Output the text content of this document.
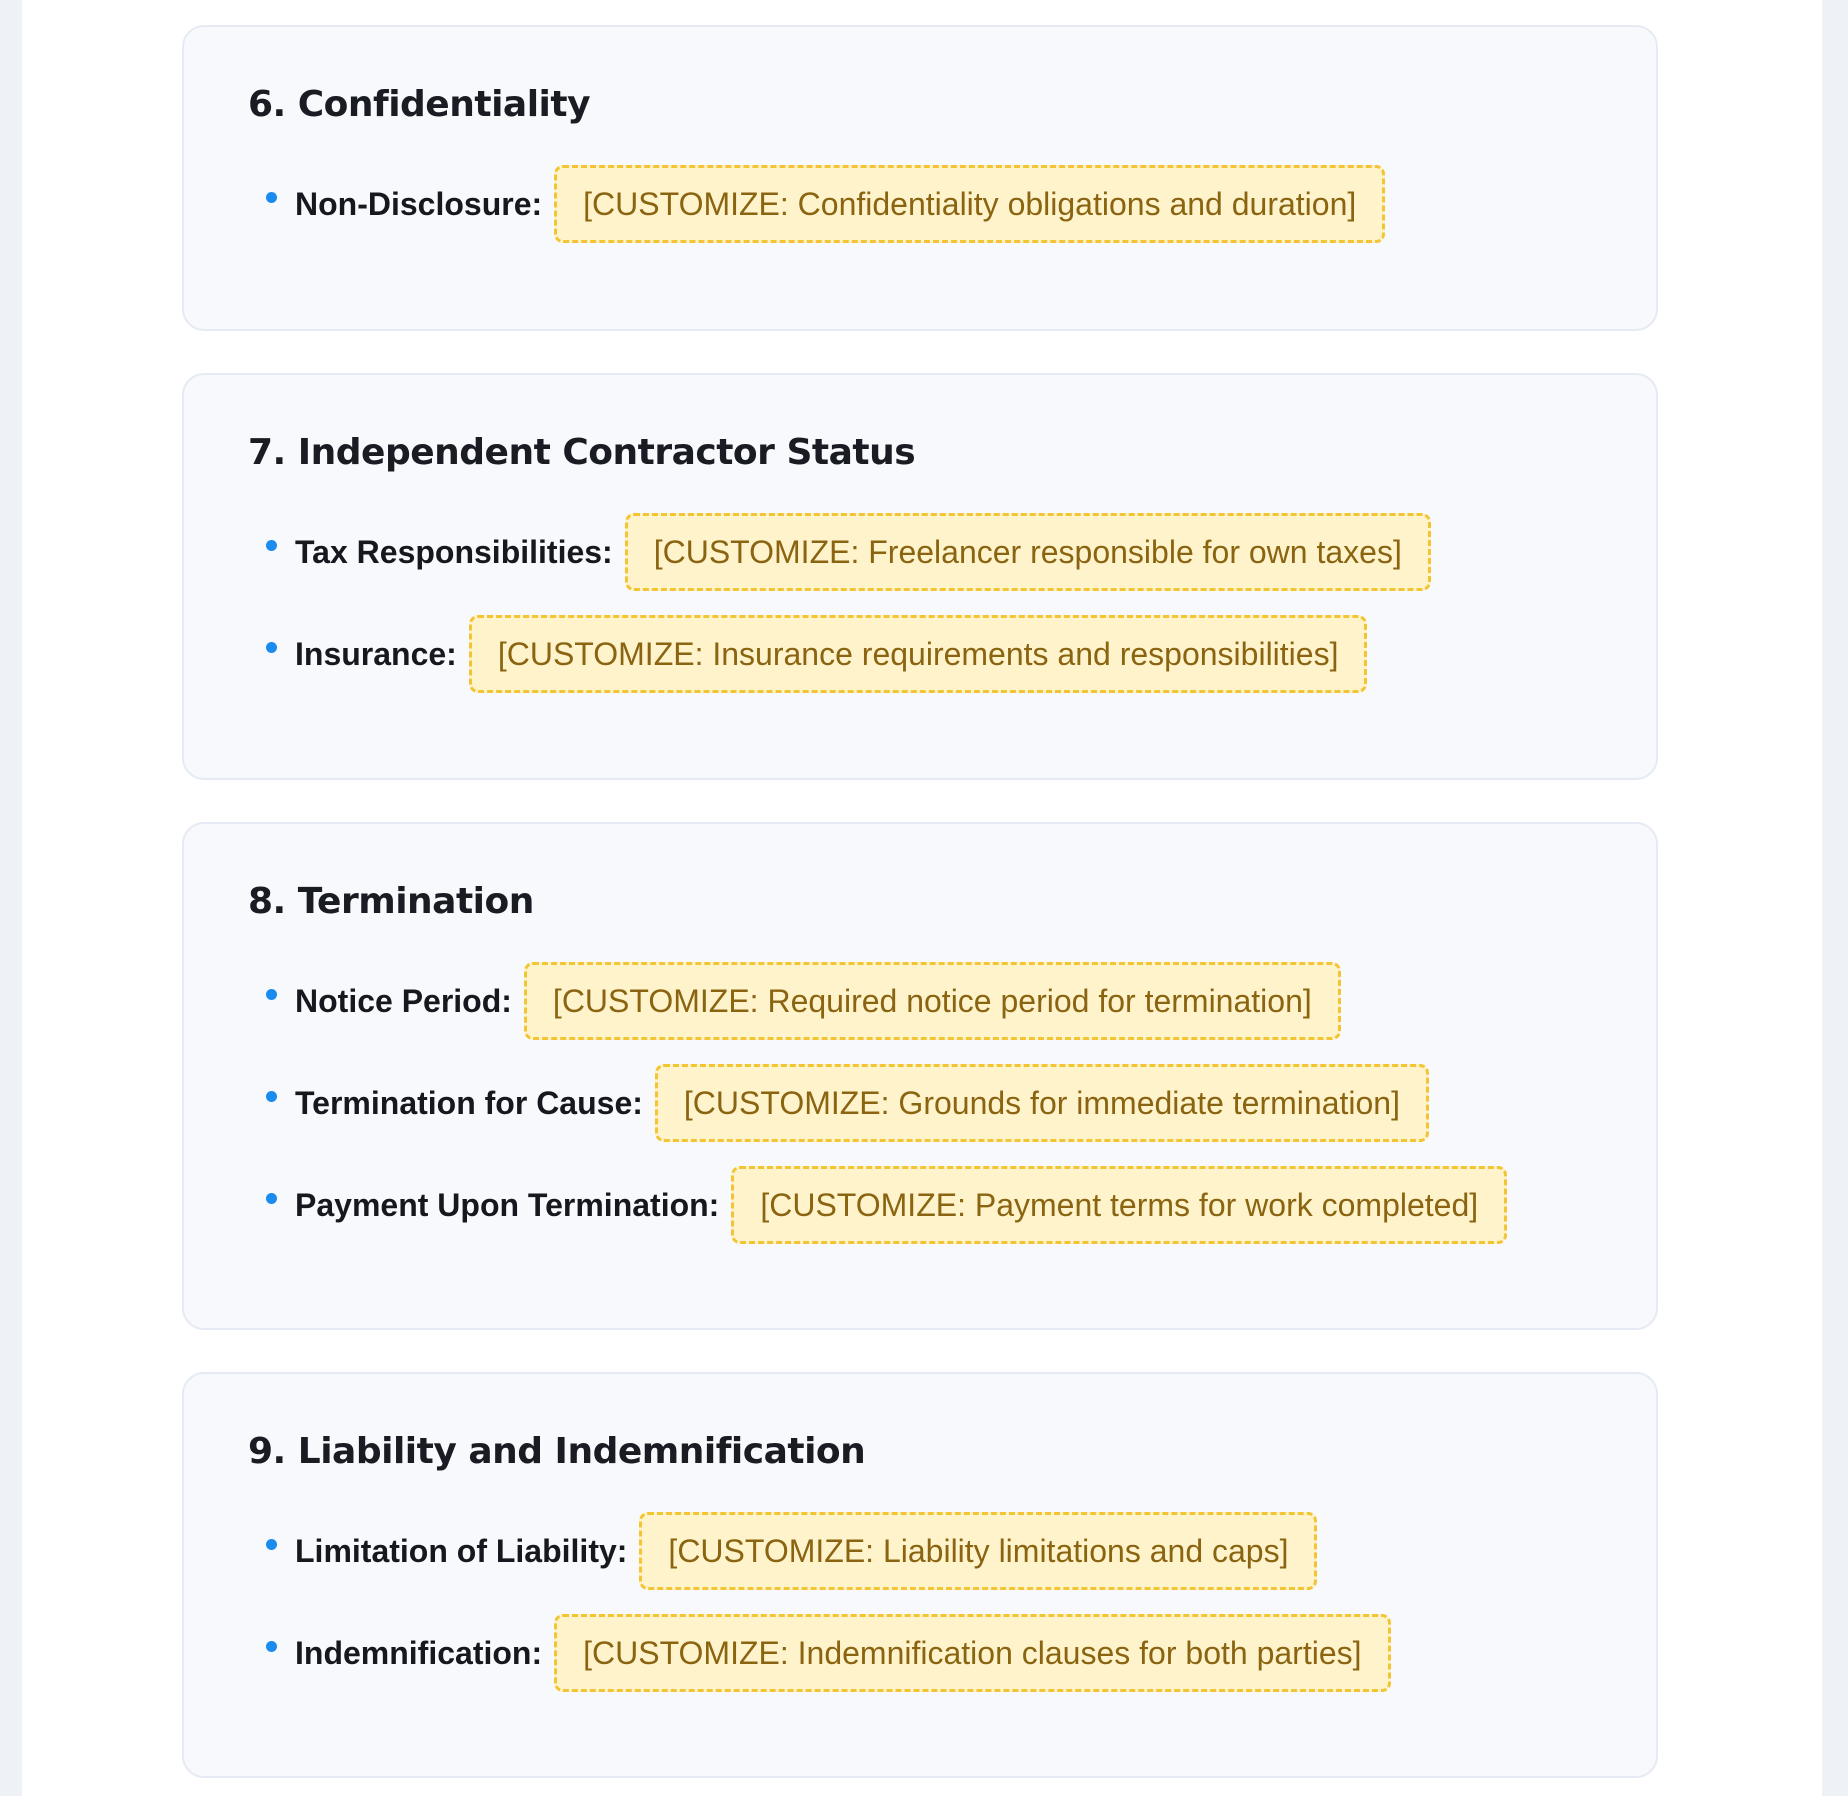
6. Confidentiality
Non-Disclosure:	[CUSTOMIZE: Confidentiality obligations and duration]
7. Independent Contractor Status
Tax Responsibilities:	[CUSTOMIZE: Freelancer responsible for own taxes]
Insurance:	[CUSTOMIZE: Insurance requirements and responsibilities]
8. Termination
Notice Period:	[CUSTOMIZE: Required notice period for termination]
Termination for Cause:	[CUSTOMIZE: Grounds for immediate termination]
Payment Upon Termination:	[CUSTOMIZE: Payment terms for work completed]
9. Liability and Indemnification
Limitation of Liability:	[CUSTOMIZE: Liability limitations and caps]
Indemnification:	[CUSTOMIZE: Indemnification clauses for both parties]
